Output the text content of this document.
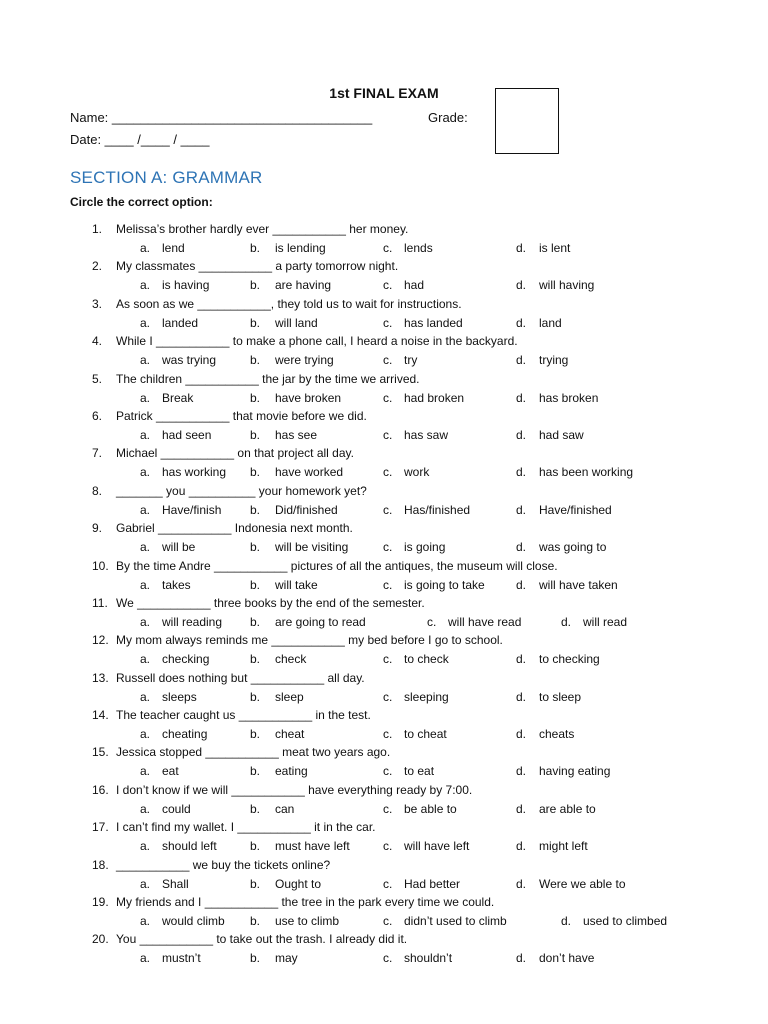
1st FINAL EXAM
Name: ____________________________________	Grade:
Date: ____ /____ / ____
SECTION A: GRAMMAR
Circle the correct option:
1. Melissa’s brother hardly ever ___________ her money.
a. lend	b. is lending	c. lends	d. is lent
2. My classmates ___________ a party tomorrow night.
a. is having	b. are having	c. had	d. will having
3. As soon as we ___________, they told us to wait for instructions.
a. landed	b. will land	c. has landed	d. land
4. While I ___________ to make a phone call, I heard a noise in the backyard.
a. was trying	b. were trying	c. try	d. trying
5. The children ___________ the jar by the time we arrived.
a. Break	b. have broken	c. had broken	d. has broken
6. Patrick ___________ that movie before we did.
a. had seen	b. has see	c. has saw	d. had saw
7. Michael ___________ on that project all day.
a. has working b. have worked	c. work	d. has been working
8. _______ you __________ your homework yet?
a. Have/finish b. Did/finished	c. Has/finished	d. Have/finished
9. Gabriel ___________ Indonesia next month.
a. will be	b. will be visiting	c. is going	d. was going to
10. By the time Andre ___________ pictures of all the antiques, the museum will close.
a. takes	b. will take	c. is going to take	d. will have taken
11. We ___________ three books by the end of the semester.
a. will reading b. are going to read	c. will have read	d. will read
12. My mom always reminds me ___________ my bed before I go to school.
a. checking	b. check	c. to check	d. to checking
13. Russell does nothing but ___________ all day.
a. sleeps	b. sleep	c. sleeping	d. to sleep
14. The teacher caught us ___________ in the test.
a. cheating	b. cheat	c. to cheat	d. cheats
15. Jessica stopped ___________ meat two years ago.
a. eat	b. eating	c. to eat	d. having eating
16. I don’t know if we will ___________ have everything ready by 7:00.
a. could	b. can	c. be able to	d. are able to
17. I can’t find my wallet. I ___________ it in the car.
a. should left	b. must have left	c. will have left	d. might left
18. ___________ we buy the tickets online?
a. Shall	b. Ought to	c. Had better	d. Were we able to
19. My friends and I ___________ the tree in the park every time we could.
a. would climb b. use to climb	c. didn’t used to climb	d. used to climbed
20. You ___________ to take out the trash. I already did it.
a. mustn’t	b. may	c. shouldn’t	d. don’t have
